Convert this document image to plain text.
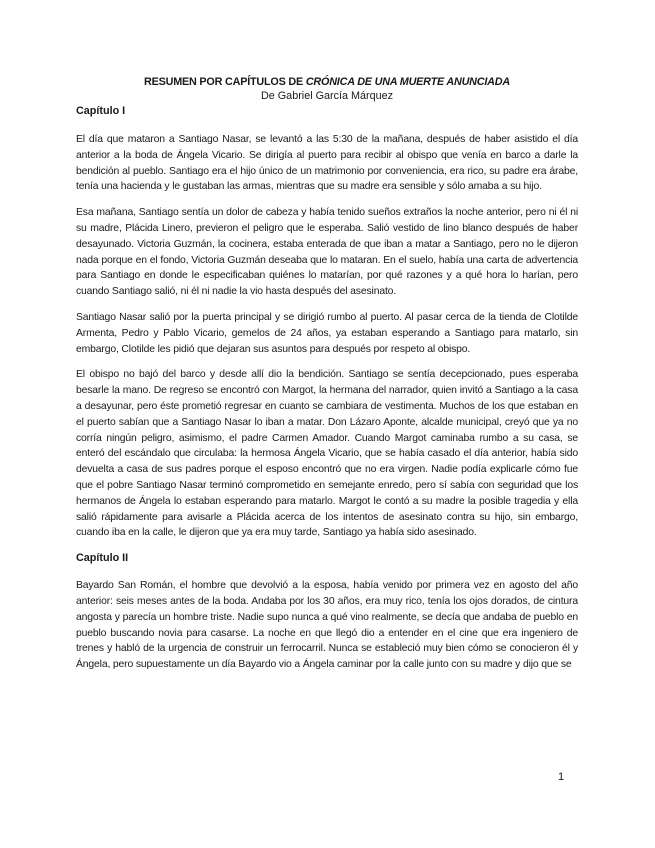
RESUMEN POR CAPÍTULOS DE CRÓNICA DE UNA MUERTE ANUNCIADA
De Gabriel García Márquez
Capítulo I

El día que mataron a Santiago Nasar, se levantó a las 5:30 de la mañana, después de haber asistido el día anterior a la boda de Ángela Vicario. Se dirigía al puerto para recibir al obispo que venía en barco a darle la bendición al pueblo. Santiago era el hijo único de un matrimonio por conveniencia, era rico, su padre era árabe, tenía una hacienda y le gustaban las armas, mientras que su madre era sensible y sólo amaba a su hijo.

Esa mañana, Santiago sentía un dolor de cabeza y había tenido sueños extraños la noche anterior, pero ni él ni su madre, Plácida Linero, previeron el peligro que le esperaba. Salió vestido de lino blanco después de haber desayunado. Victoria Guzmán, la cocinera, estaba enterada de que iban a matar a Santiago, pero no le dijeron nada porque en el fondo, Victoria Guzmán deseaba que lo mataran. En el suelo, había una carta de advertencia para Santiago en donde le especificaban quiénes lo matarían, por qué razones y a qué hora lo harían, pero cuando Santiago salió, ni él ni nadie la vio hasta después del asesinato.

Santiago Nasar salió por la puerta principal y se dirigió rumbo al puerto. Al pasar cerca de la tienda de Clotilde Armenta, Pedro y Pablo Vicario, gemelos de 24 años, ya estaban esperando a Santiago para matarlo, sin embargo, Clotilde les pidió que dejaran sus asuntos para después por respeto al obispo.

El obispo no bajó del barco y desde allí dio la bendición. Santiago se sentía decepcionado, pues esperaba besarle la mano. De regreso se encontró con Margot, la hermana del narrador, quien invitó a Santiago a la casa a desayunar, pero éste prometió regresar en cuanto se cambiara de vestimenta. Muchos de los que estaban en el puerto sabían que a Santiago Nasar lo iban a matar. Don Lázaro Aponte, alcalde municipal, creyó que ya no corría ningún peligro, asimismo, el padre Carmen Amador. Cuando Margot caminaba rumbo a su casa, se enteró del escándalo que circulaba: la hermosa Ángela Vicario, que se había casado el día anterior, había sido devuelta a casa de sus padres porque el esposo encontró que no era virgen. Nadie podía explicarle cómo fue que el pobre Santiago Nasar terminó comprometido en semejante enredo, pero sí sabía con seguridad que los hermanos de Ángela lo estaban esperando para matarlo. Margot le contó a su madre la posible tragedia y ella salió rápidamente para avisarle a Plácida acerca de los intentos de asesinato contra su hijo, sin embargo, cuando iba en la calle, le dijeron que ya era muy tarde, Santiago ya había sido asesinado.

Capítulo II

Bayardo San Román, el hombre que devolvió a la esposa, había venido por primera vez en agosto del año anterior: seis meses antes de la boda. Andaba por los 30 años, era muy rico, tenía los ojos dorados, de cintura angosta y parecía un hombre triste. Nadie supo nunca a qué vino realmente, se decía que andaba de pueblo en pueblo buscando novia para casarse. La noche en que llegó dio a entender en el cine que era ingeniero de trenes y habló de la urgencia de construir un ferrocarril. Nunca se estableció muy bien cómo se conocieron él y Ángela, pero supuestamente un día Bayardo vio a Ángela caminar por la calle junto con su madre y dijo que se

1
